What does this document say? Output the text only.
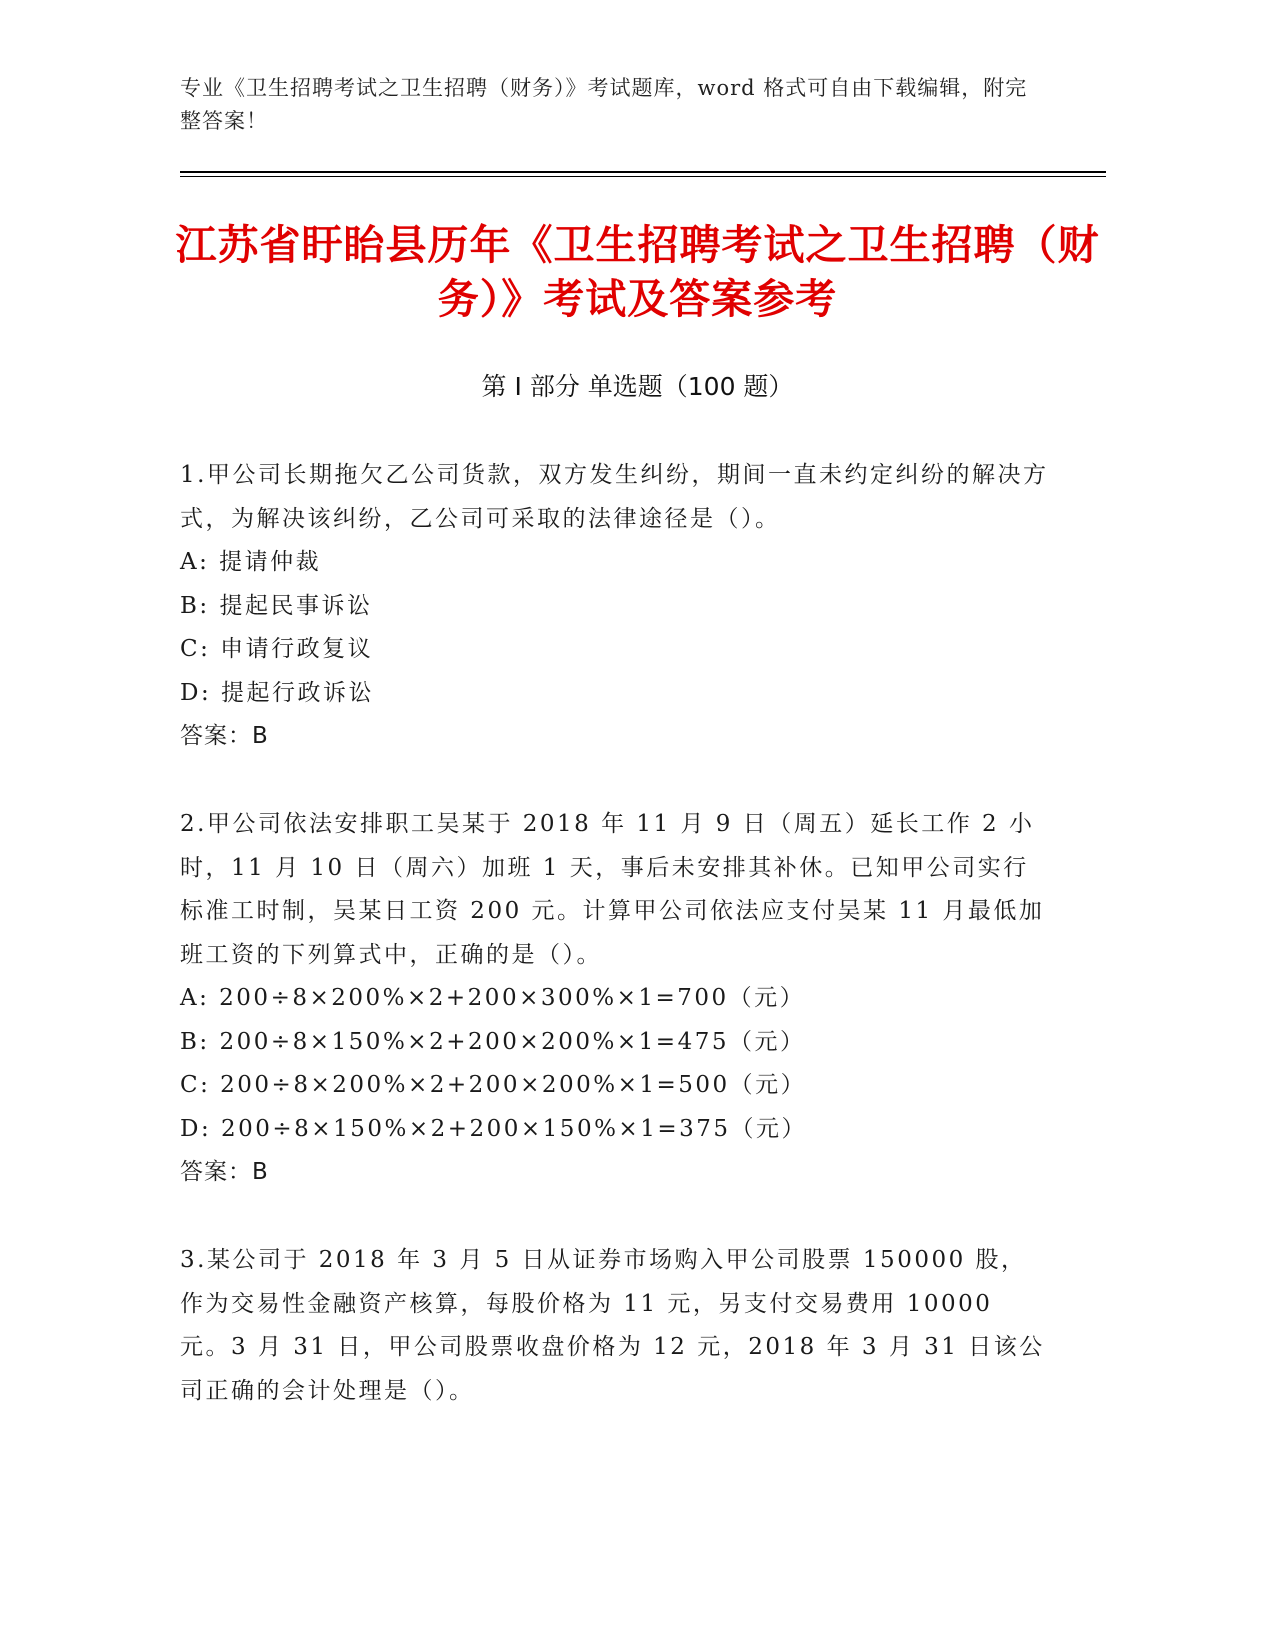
专业《卫生招聘考试之卫生招聘（财务）》考试题库，word 格式可自由下载编辑，附完整答案！
江苏省盱眙县历年《卫生招聘考试之卫生招聘（财务）》考试及答案参考
第 I 部分 单选题（100 题）
1.甲公司长期拖欠乙公司货款，双方发生纠纷，期间一直未约定纠纷的解决方式，为解决该纠纷，乙公司可采取的法律途径是（）。
A: 提请仲裁
B: 提起民事诉讼
C: 申请行政复议
D: 提起行政诉讼
答案：B
2.甲公司依法安排职工吴某于 2018 年 11 月 9 日（周五）延长工作 2 小时，11 月 10 日（周六）加班 1 天，事后未安排其补休。已知甲公司实行标准工时制，吴某日工资 200 元。计算甲公司依法应支付吴某 11 月最低加班工资的下列算式中，正确的是（）。
A: 200÷8×200%×2+200×300%×1=700（元）
B: 200÷8×150%×2+200×200%×1=475（元）
C: 200÷8×200%×2+200×200%×1=500（元）
D: 200÷8×150%×2+200×150%×1=375（元）
答案：B
3.某公司于 2018 年 3 月 5 日从证券市场购入甲公司股票 150000 股，作为交易性金融资产核算，每股价格为 11 元，另支付交易费用 10000 元。3 月 31 日，甲公司股票收盘价格为 12 元，2018 年 3 月 31 日该公司正确的会计处理是（）。
